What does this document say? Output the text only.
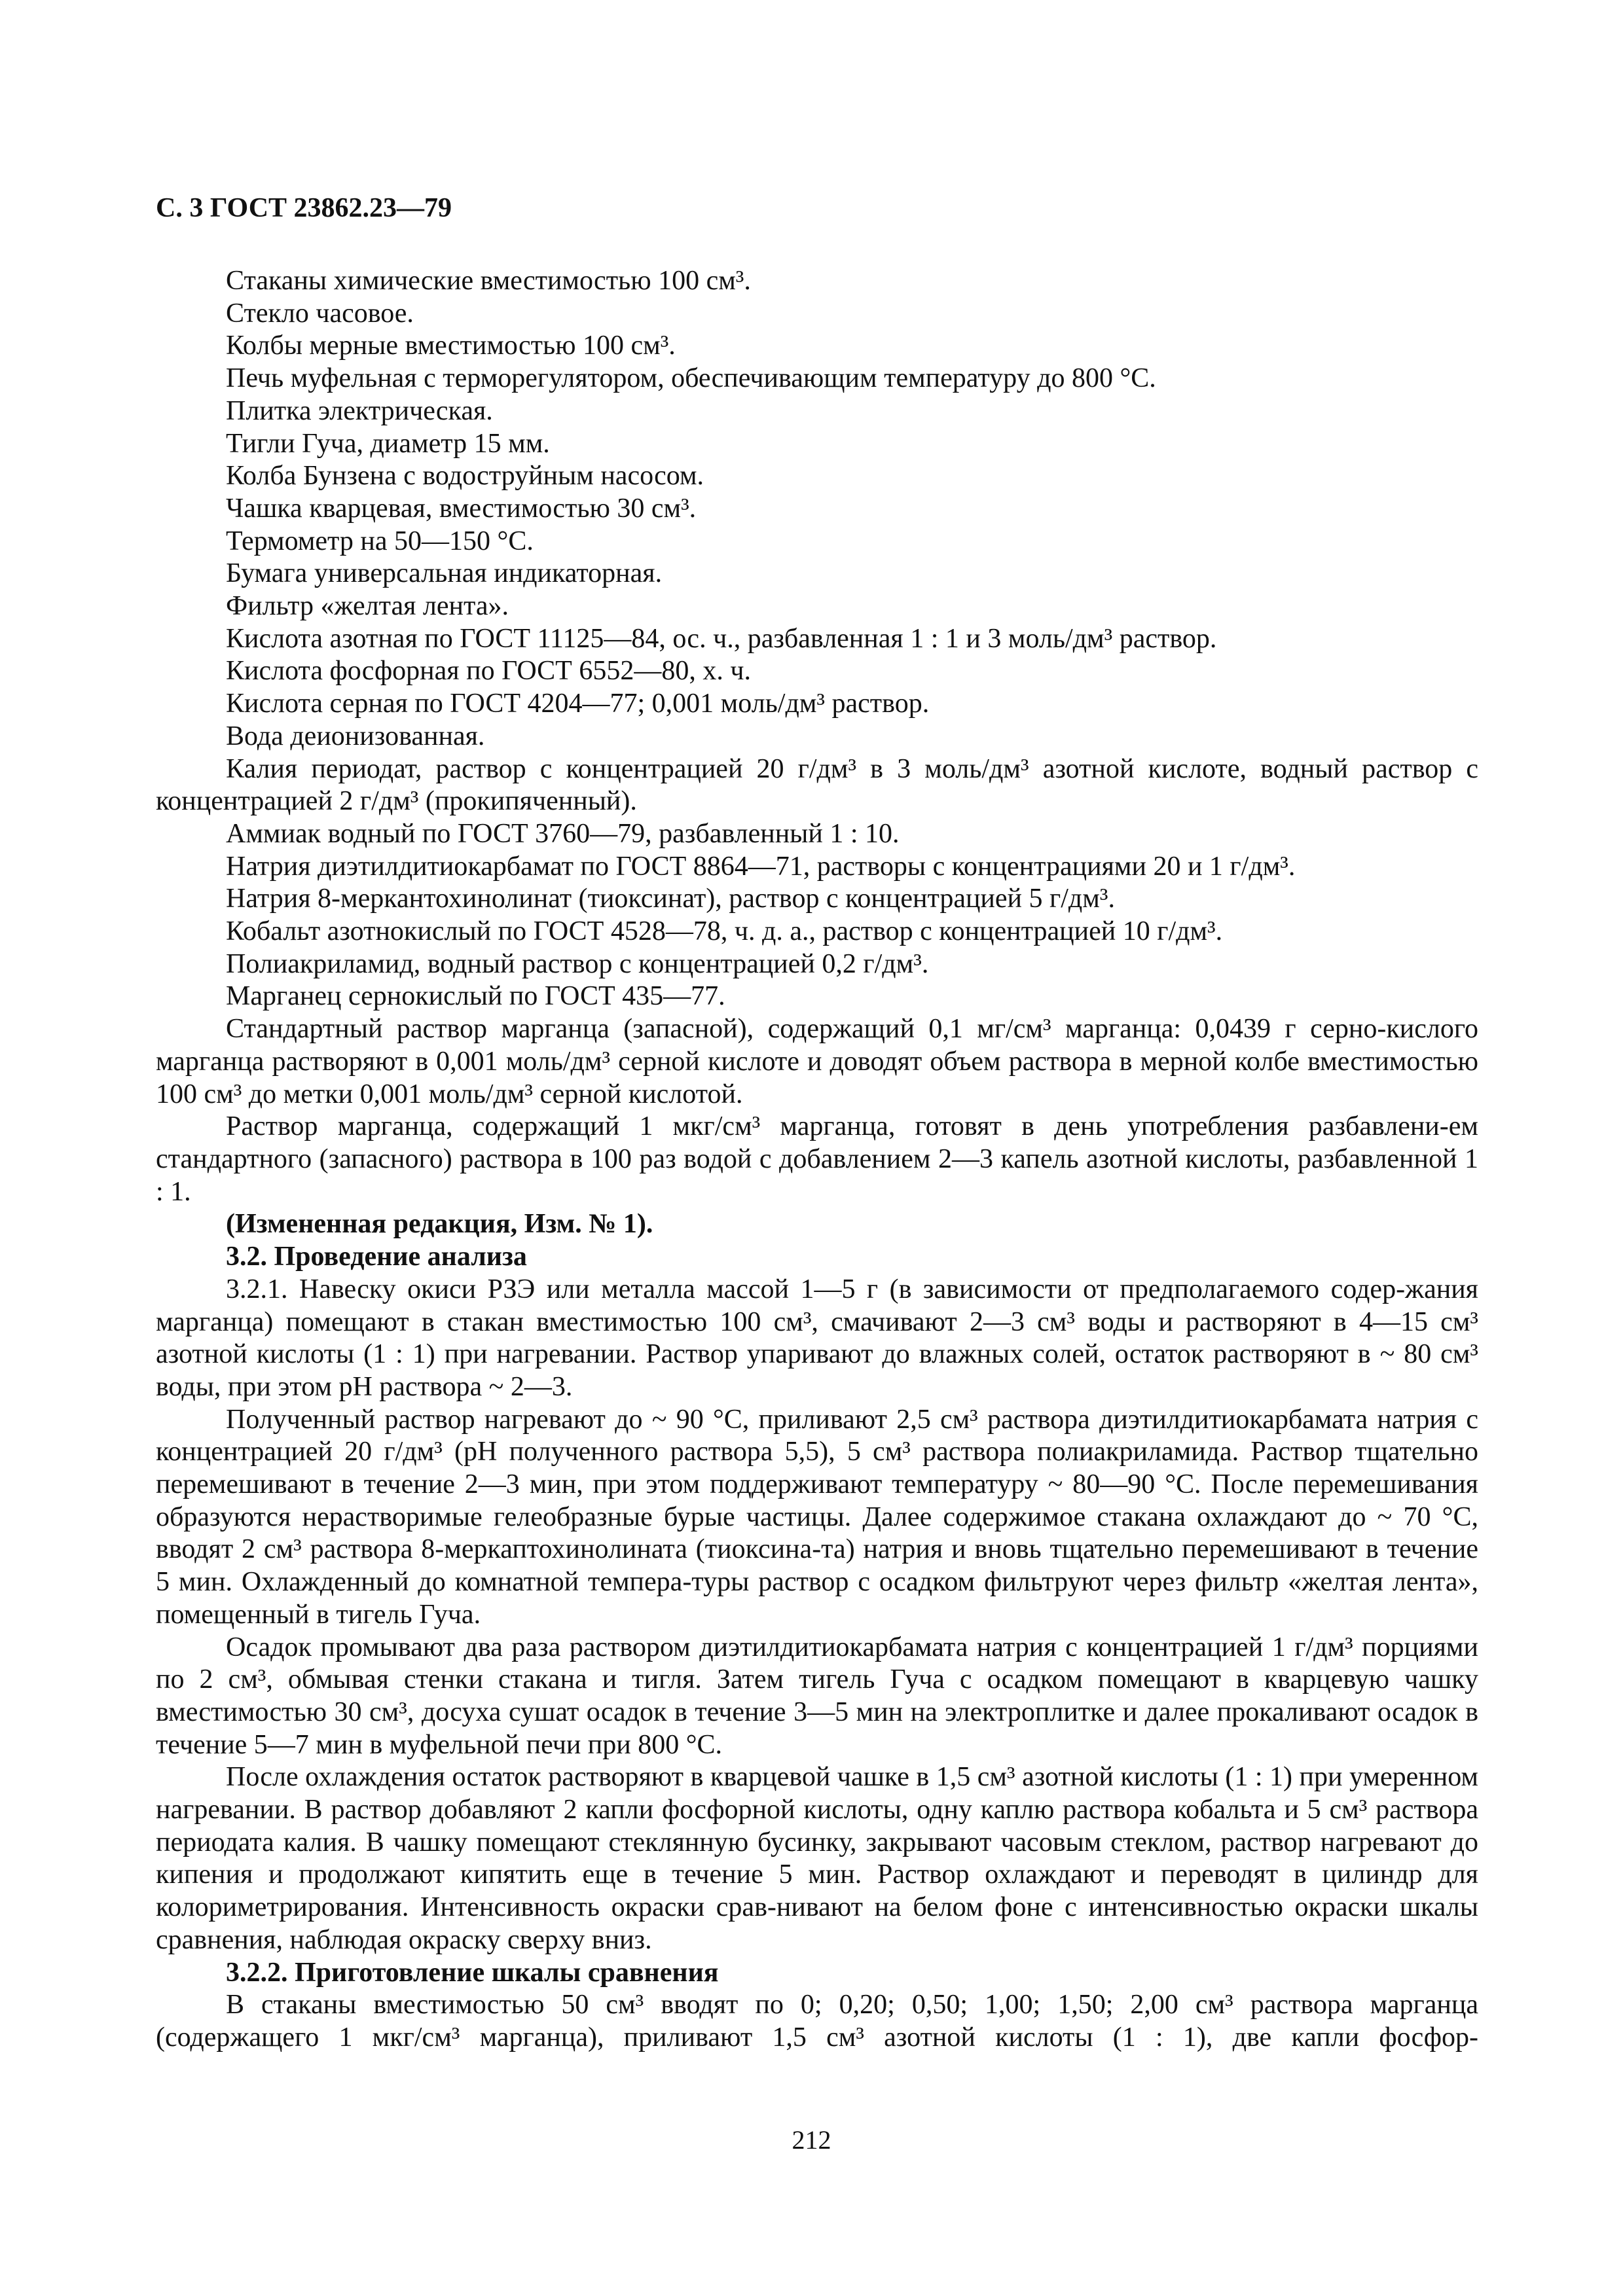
С. 3 ГОСТ 23862.23—79

Стаканы химические вместимостью 100 см³.

Стекло часовое.

Колбы мерные вместимостью 100 см³.

Печь муфельная с терморегулятором, обеспечивающим температуру до 800 °С.

Плитка электрическая.

Тигли Гуча, диаметр 15 мм.

Колба Бунзена с водоструйным насосом.

Чашка кварцевая, вместимостью 30 см³.

Термометр на 50—150 °С.

Бумага универсальная индикаторная.

Фильтр «желтая лента».

Кислота азотная по ГОСТ 11125—84, ос. ч., разбавленная 1 : 1 и 3 моль/дм³ раствор.

Кислота фосфорная по ГОСТ 6552—80, х. ч.

Кислота серная по ГОСТ 4204—77; 0,001 моль/дм³ раствор.

Вода деионизованная.

Калия периодат, раствор с концентрацией 20 г/дм³ в 3 моль/дм³ азотной кислоте, водный раствор с концентрацией 2 г/дм³ (прокипяченный).

Аммиак водный по ГОСТ 3760—79, разбавленный 1 : 10.

Натрия диэтилдитиокарбамат по ГОСТ 8864—71, растворы с концентрациями 20 и 1 г/дм³.

Натрия 8-меркантохинолинат (тиоксинат), раствор с концентрацией 5 г/дм³.

Кобальт азотнокислый по ГОСТ 4528—78, ч. д. а., раствор с концентрацией 10 г/дм³.

Полиакриламид, водный раствор с концентрацией 0,2 г/дм³.

Марганец сернокислый по ГОСТ 435—77.

Стандартный раствор марганца (запасной), содержащий 0,1 мг/см³ марганца: 0,0439 г серно-кислого марганца растворяют в 0,001 моль/дм³ серной кислоте и доводят объем раствора в мерной колбе вместимостью 100 см³ до метки 0,001 моль/дм³ серной кислотой.

Раствор марганца, содержащий 1 мкг/см³ марганца, готовят в день употребления разбавлени-ем стандартного (запасного) раствора в 100 раз водой с добавлением 2—3 капель азотной кислоты, разбавленной 1 : 1.

(Измененная редакция, Изм. № 1).

3.2. Проведение анализа

3.2.1. Навеску окиси РЗЭ или металла массой 1—5 г (в зависимости от предполагаемого содер-жания марганца) помещают в стакан вместимостью 100 см³, смачивают 2—3 см³ воды и растворяют в 4—15 см³ азотной кислоты (1 : 1) при нагревании. Раствор упаривают до влажных солей, остаток растворяют в ~ 80 см³ воды, при этом рН раствора ~ 2—3.

Полученный раствор нагревают до ~ 90 °С, приливают 2,5 см³ раствора диэтилдитиокарбамата натрия с концентрацией 20 г/дм³ (рН полученного раствора 5,5), 5 см³ раствора полиакриламида. Раствор тщательно перемешивают в течение 2—3 мин, при этом поддерживают температуру ~ 80—90 °С. После перемешивания образуются нерастворимые гелеобразные бурые частицы. Далее содержимое стакана охлаждают до ~ 70 °С, вводят 2 см³ раствора 8-меркаптохинолината (тиоксина-та) натрия и вновь тщательно перемешивают в течение 5 мин. Охлажденный до комнатной темпера-туры раствор с осадком фильтруют через фильтр «желтая лента», помещенный в тигель Гуча.

Осадок промывают два раза раствором диэтилдитиокарбамата натрия с концентрацией 1 г/дм³ порциями по 2 см³, обмывая стенки стакана и тигля. Затем тигель Гуча с осадком помещают в кварцевую чашку вместимостью 30 см³, досуха сушат осадок в течение 3—5 мин на электроплитке и далее прокаливают осадок в течение 5—7 мин в муфельной печи при 800 °С.

После охлаждения остаток растворяют в кварцевой чашке в 1,5 см³ азотной кислоты (1 : 1) при умеренном нагревании. В раствор добавляют 2 капли фосфорной кислоты, одну каплю раствора кобальта и 5 см³ раствора периодата калия. В чашку помещают стеклянную бусинку, закрывают часовым стеклом, раствор нагревают до кипения и продолжают кипятить еще в течение 5 мин. Раствор охлаждают и переводят в цилиндр для колориметрирования. Интенсивность окраски срав-нивают на белом фоне с интенсивностью окраски шкалы сравнения, наблюдая окраску сверху вниз.

3.2.2. Приготовление шкалы сравнения

В стаканы вместимостью 50 см³ вводят по 0; 0,20; 0,50; 1,00; 1,50; 2,00 см³ раствора марганца (содержащего 1 мкг/см³ марганца), приливают 1,5 см³ азотной кислоты (1 : 1), две капли фосфор-

212
